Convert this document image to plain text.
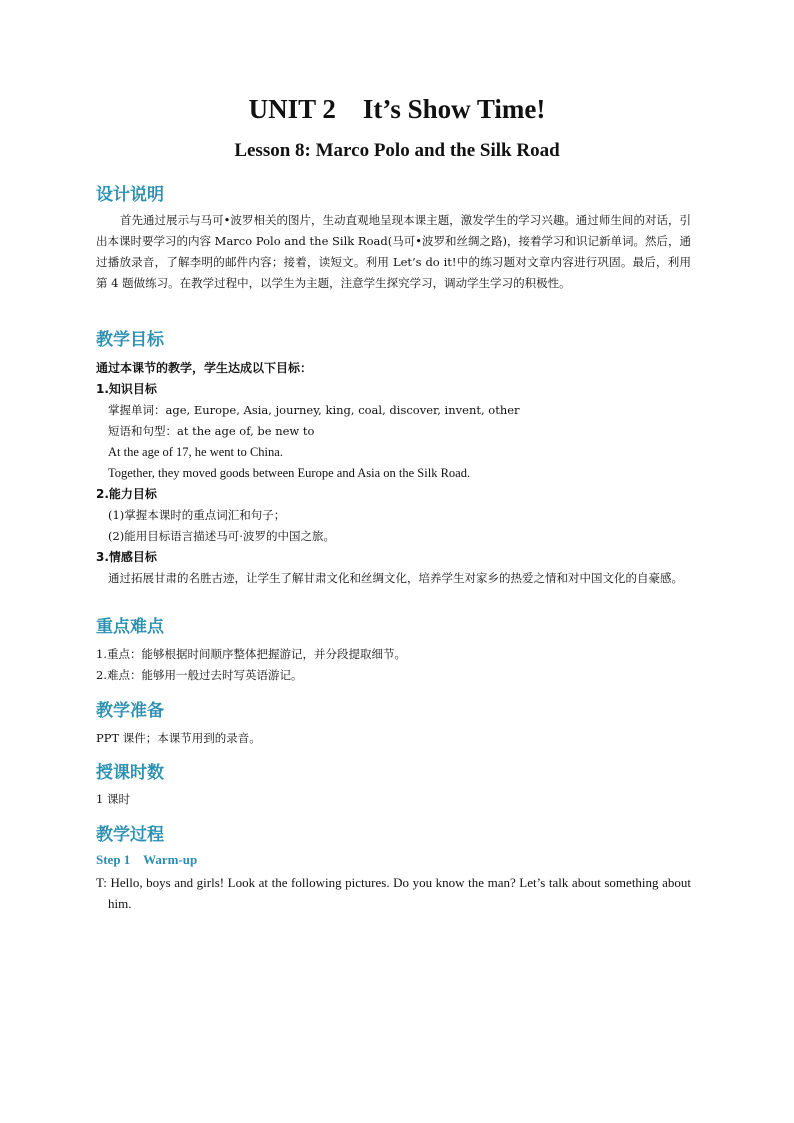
UNIT 2    It’s Show Time!
Lesson 8: Marco Polo and the Silk Road
设计说明
首先通过展示与马可•波罗相关的图片，生动直观地呈现本课主题，激发学生的学习兴趣。通过师生间的对话，引出本课时要学习的内容 Marco Polo and the Silk Road(马可•波罗和丝绸之路)，接着学习和识记新单词。然后，通过播放录音，了解李明的邮件内容；接着，读短文。利用 Let’s do it!中的练习题对文章内容进行巩固。最后，利用第 4 题做练习。在教学过程中，以学生为主题，注意学生探究学习，调动学生学习的积极性。
教学目标
通过本课节的教学，学生达成以下目标：
1.知识目标
掌握单词：age, Europe, Asia, journey, king, coal, discover, invent, other
短语和句型：at the age of, be new to
At the age of 17, he went to China.
Together, they moved goods between Europe and Asia on the Silk Road.
2.能力目标
(1)掌握本课时的重点词汇和句子；
(2)能用目标语言描述马可·波罗的中国之旅。
3.情感目标
通过拓展甘肃的名胜古迹，让学生了解甘肃文化和丝绸文化，培养学生对家乡的热爱之情和对中国文化的自豪感。
重点难点
1.重点：能够根据时间顺序整体把握游记，并分段提取细节。
2.难点：能够用一般过去时写英语游记。
教学准备
PPT 课件；本课节用到的录音。
授课时数
1 课时
教学过程
Step 1    Warm-up
T: Hello, boys and girls! Look at the following pictures. Do you know the man? Let’s talk about something about him.
